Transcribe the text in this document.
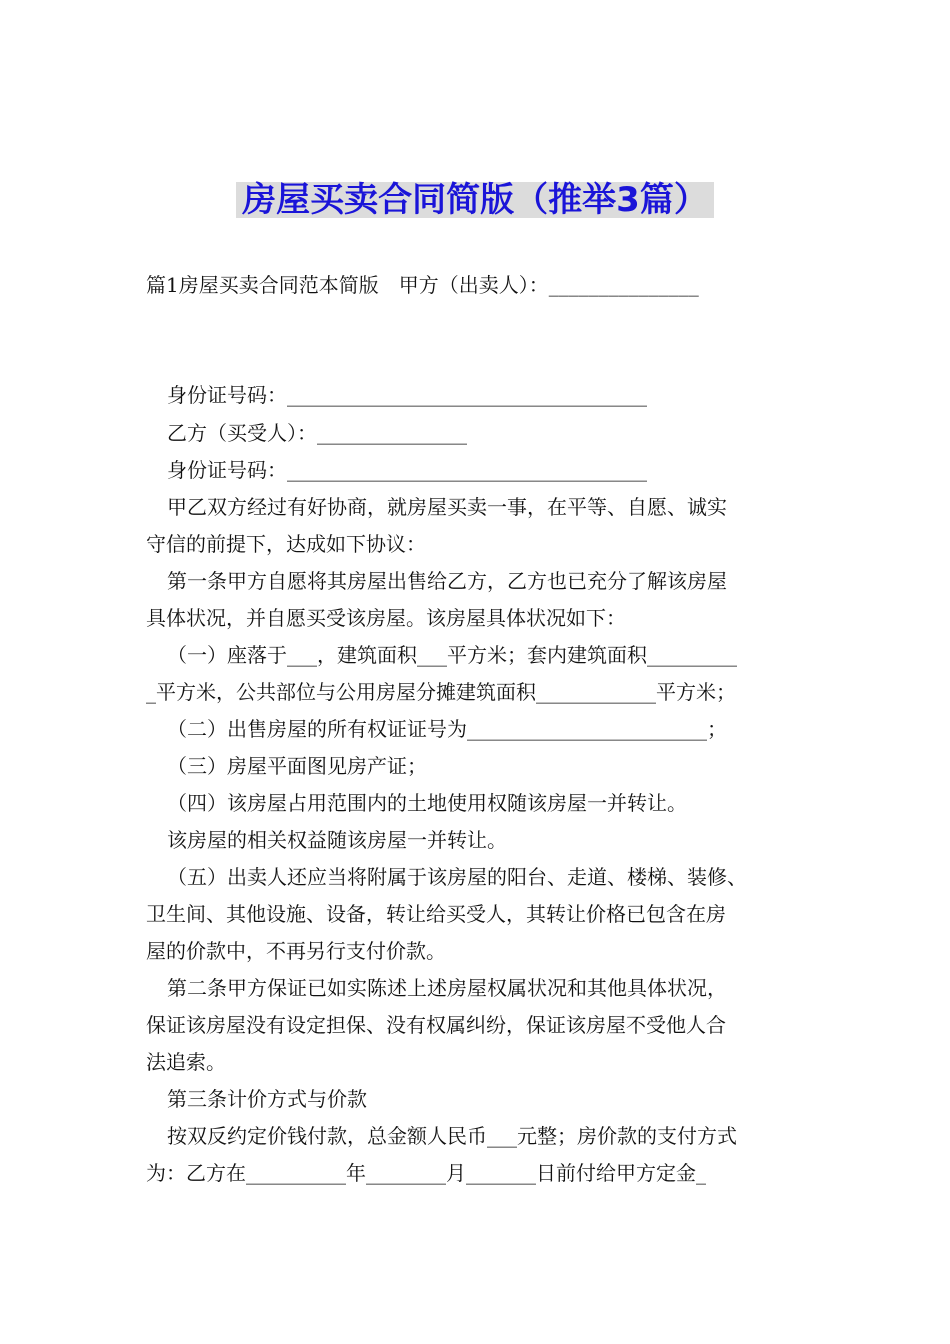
房屋买卖合同简版（推举3篇）
篇1房屋买卖合同范本简版　甲方（出卖人）：_______________
身份证号码：____________________________________
乙方（买受人）：_______________
身份证号码：____________________________________
甲乙双方经过有好协商，就房屋买卖一事，在平等、自愿、诚实
守信的前提下，达成如下协议：
第一条甲方自愿将其房屋出售给乙方，乙方也已充分了解该房屋
具体状况，并自愿买受该房屋。该房屋具体状况如下：
（一）座落于___，建筑面积___平方米；套内建筑面积_________
_平方米，公共部位与公用房屋分摊建筑面积____________平方米；
（二）出售房屋的所有权证证号为________________________；
（三）房屋平面图见房产证；
（四）该房屋占用范围内的土地使用权随该房屋一并转让。
该房屋的相关权益随该房屋一并转让。
（五）出卖人还应当将附属于该房屋的阳台、走道、楼梯、装修、
卫生间、其他设施、设备，转让给买受人，其转让价格已包含在房
屋的价款中，不再另行支付价款。
第二条甲方保证已如实陈述上述房屋权属状况和其他具体状况，
保证该房屋没有设定担保、没有权属纠纷，保证该房屋不受他人合
法追索。
第三条计价方式与价款
按双反约定价钱付款，总金额人民币___元整；房价款的支付方式
为：乙方在__________年________月_______日前付给甲方定金_
